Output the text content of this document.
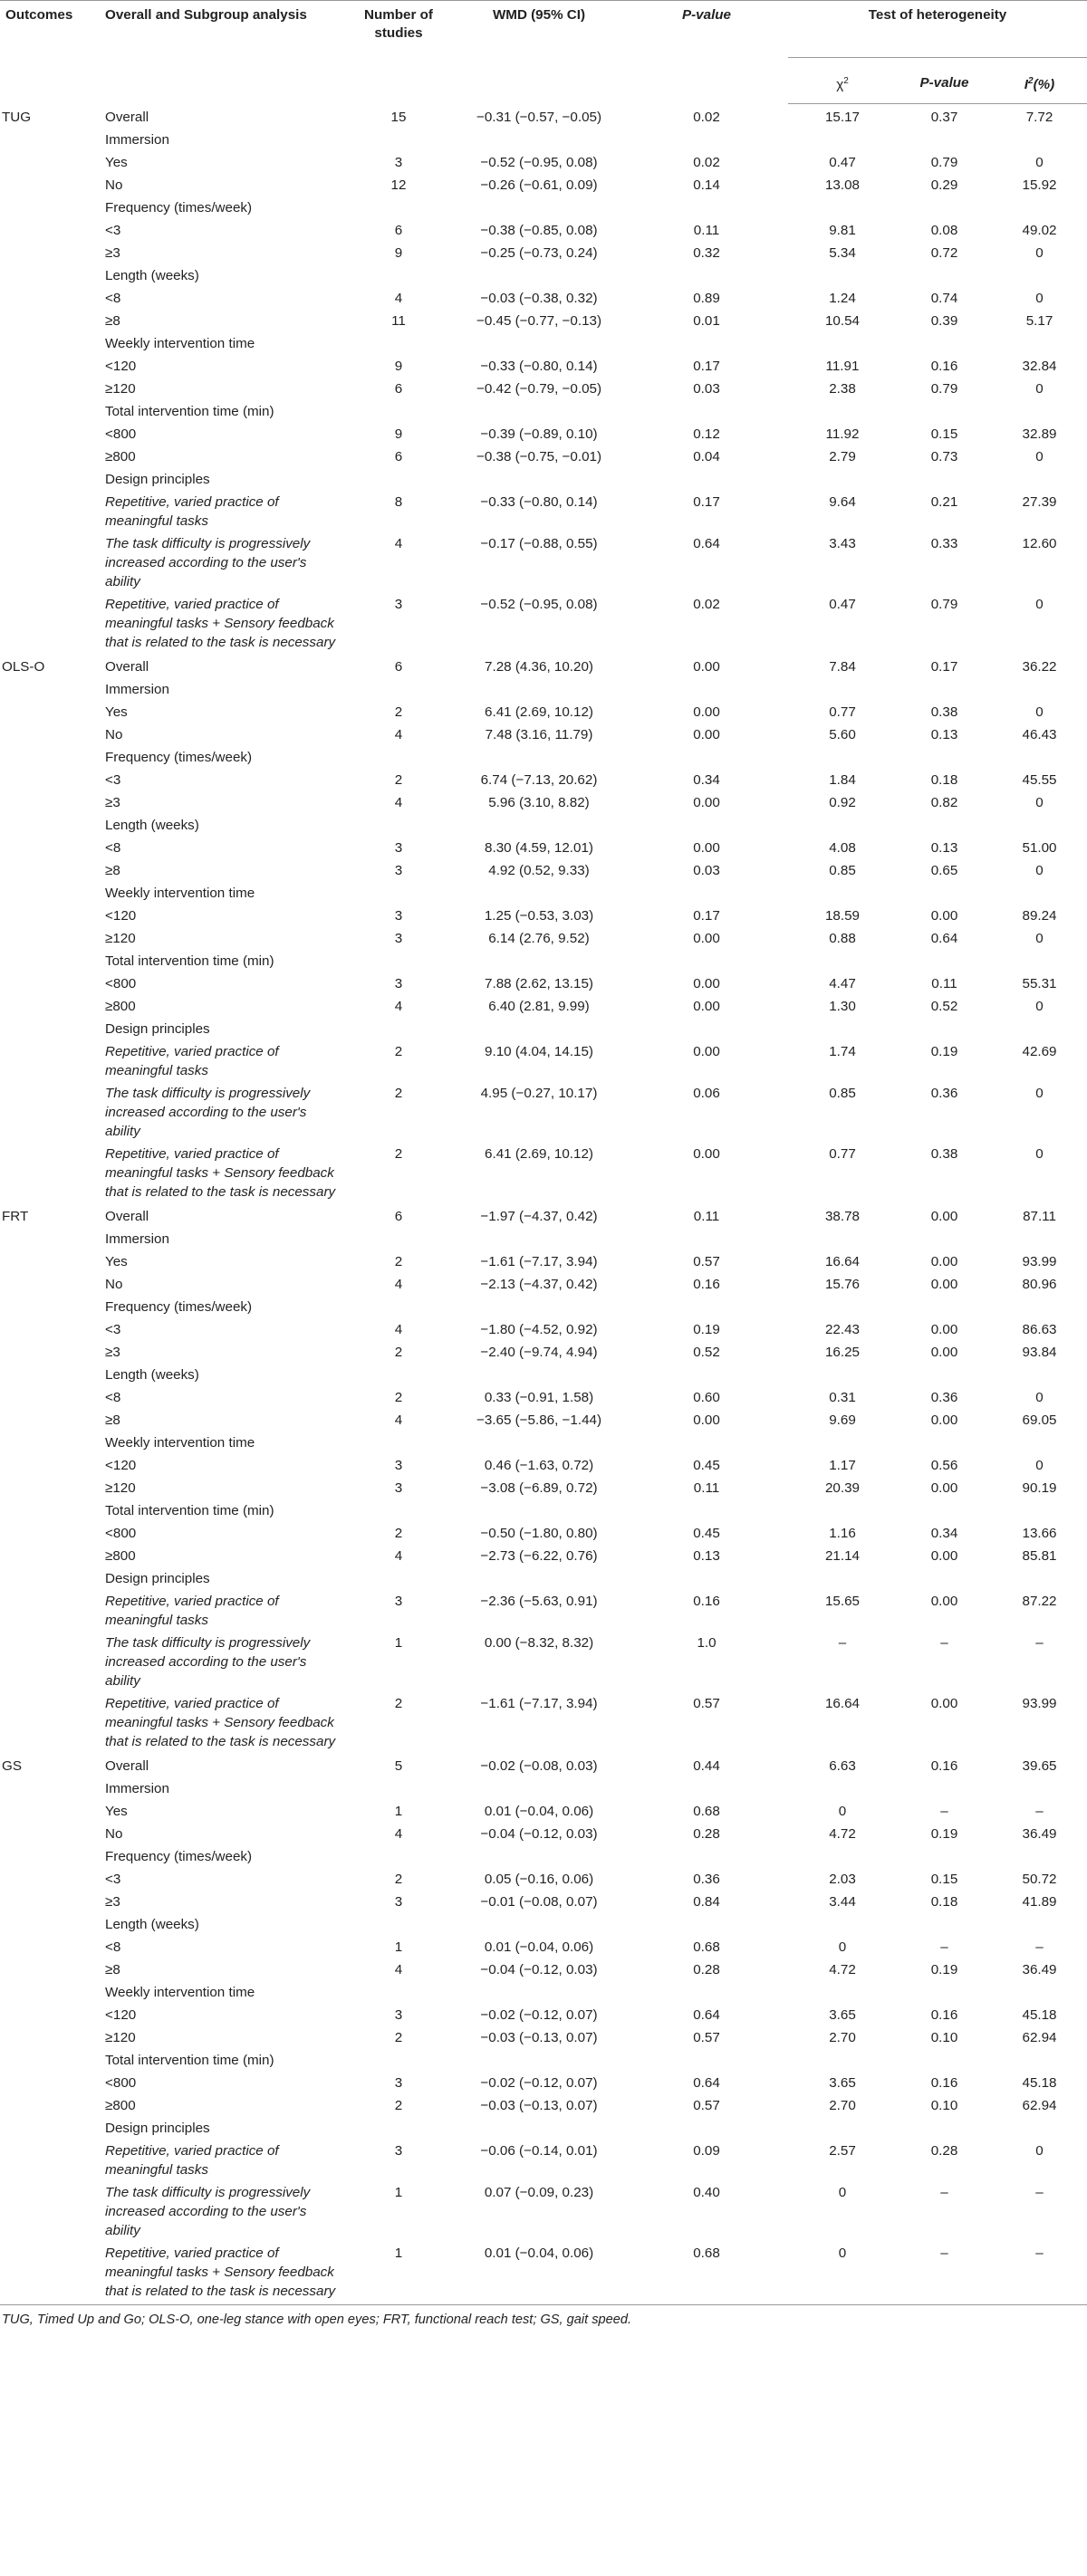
Outcomes	Overall and Subgroup analysis	Number of studies	WMD (95% CI)	P-value	Test of heterogeneity		
					$\chi^2$	P-value	$I^2(\%)$
TUG	Overall	15	−0.31 (−0.57, −0.05)	0.02	15.17	0.37	7.72
	Immersion						
	Yes	3	−0.52 (−0.95, 0.08)	0.02	0.47	0.79	0
	No	12	−0.26 (−0.61, 0.09)	0.14	13.08	0.29	15.92
	Frequency (times/week)						
	<3	6	−0.38 (−0.85, 0.08)	0.11	9.81	0.08	49.02
	≥3	9	−0.25 (−0.73, 0.24)	0.32	5.34	0.72	0
	Length (weeks)						
	<8	4	−0.03 (−0.38, 0.32)	0.89	1.24	0.74	0
	≥8	11	−0.45 (−0.77, −0.13)	0.01	10.54	0.39	5.17
	Weekly intervention time						
	<120	9	−0.33 (−0.80, 0.14)	0.17	11.91	0.16	32.84
	≥120	6	−0.42 (−0.79, −0.05)	0.03	2.38	0.79	0
	Total intervention time (min)						
	<800	9	−0.39 (−0.89, 0.10)	0.12	11.92	0.15	32.89
	≥800	6	−0.38 (−0.75, −0.01)	0.04	2.79	0.73	0
	Design principles						
	Repetitive, varied practice of meaningful tasks	8	−0.33 (−0.80, 0.14)	0.17	9.64	0.21	27.39
	The task difficulty is progressively increased according to the user's ability	4	−0.17 (−0.88, 0.55)	0.64	3.43	0.33	12.60
	Repetitive, varied practice of meaningful tasks + Sensory feedback that is related to the task is necessary	3	−0.52 (−0.95, 0.08)	0.02	0.47	0.79	0
OLS-O	Overall	6	7.28 (4.36, 10.20)	0.00	7.84	0.17	36.22
	Immersion						
	Yes	2	6.41 (2.69, 10.12)	0.00	0.77	0.38	0
	No	4	7.48 (3.16, 11.79)	0.00	5.60	0.13	46.43
	Frequency (times/week)						
	<3	2	6.74 (−7.13, 20.62)	0.34	1.84	0.18	45.55
	≥3	4	5.96 (3.10, 8.82)	0.00	0.92	0.82	0
	Length (weeks)						
	<8	3	8.30 (4.59, 12.01)	0.00	4.08	0.13	51.00
	≥8	3	4.92 (0.52, 9.33)	0.03	0.85	0.65	0
	Weekly intervention time						
	<120	3	1.25 (−0.53, 3.03)	0.17	18.59	0.00	89.24
	≥120	3	6.14 (2.76, 9.52)	0.00	0.88	0.64	0
	Total intervention time (min)						
	<800	3	7.88 (2.62, 13.15)	0.00	4.47	0.11	55.31
	≥800	4	6.40 (2.81, 9.99)	0.00	1.30	0.52	0
	Design principles						
	Repetitive, varied practice of meaningful tasks	2	9.10 (4.04, 14.15)	0.00	1.74	0.19	42.69
	The task difficulty is progressively increased according to the user's ability	2	4.95 (−0.27, 10.17)	0.06	0.85	0.36	0
	Repetitive, varied practice of meaningful tasks + Sensory feedback that is related to the task is necessary	2	6.41 (2.69, 10.12)	0.00	0.77	0.38	0
FRT	Overall	6	−1.97 (−4.37, 0.42)	0.11	38.78	0.00	87.11
	Immersion						
	Yes	2	−1.61 (−7.17, 3.94)	0.57	16.64	0.00	93.99
	No	4	−2.13 (−4.37, 0.42)	0.16	15.76	0.00	80.96
	Frequency (times/week)						
	<3	4	−1.80 (−4.52, 0.92)	0.19	22.43	0.00	86.63
	≥3	2	−2.40 (−9.74, 4.94)	0.52	16.25	0.00	93.84
	Length (weeks)						
	<8	2	0.33 (−0.91, 1.58)	0.60	0.31	0.36	0
	≥8	4	−3.65 (−5.86, −1.44)	0.00	9.69	0.00	69.05
	Weekly intervention time						
	<120	3	0.46 (−1.63, 0.72)	0.45	1.17	0.56	0
	≥120	3	−3.08 (−6.89, 0.72)	0.11	20.39	0.00	90.19
	Total intervention time (min)						
	<800	2	−0.50 (−1.80, 0.80)	0.45	1.16	0.34	13.66
	≥800	4	−2.73 (−6.22, 0.76)	0.13	21.14	0.00	85.81
	Design principles						
	Repetitive, varied practice of meaningful tasks	3	−2.36 (−5.63, 0.91)	0.16	15.65	0.00	87.22
	The task difficulty is progressively increased according to the user's ability	1	0.00 (−8.32, 8.32)	1.0	–	–	–
	Repetitive, varied practice of meaningful tasks + Sensory feedback that is related to the task is necessary	2	−1.61 (−7.17, 3.94)	0.57	16.64	0.00	93.99
GS	Overall	5	−0.02 (−0.08, 0.03)	0.44	6.63	0.16	39.65
	Immersion						
	Yes	1	0.01 (−0.04, 0.06)	0.68	0	–	–
	No	4	−0.04 (−0.12, 0.03)	0.28	4.72	0.19	36.49
	Frequency (times/week)						
	<3	2	0.05 (−0.16, 0.06)	0.36	2.03	0.15	50.72
	≥3	3	−0.01 (−0.08, 0.07)	0.84	3.44	0.18	41.89
	Length (weeks)						
	<8	1	0.01 (−0.04, 0.06)	0.68	0	–	–
	≥8	4	−0.04 (−0.12, 0.03)	0.28	4.72	0.19	36.49
	Weekly intervention time						
	<120	3	−0.02 (−0.12, 0.07)	0.64	3.65	0.16	45.18
	≥120	2	−0.03 (−0.13, 0.07)	0.57	2.70	0.10	62.94
	Total intervention time (min)						
	<800	3	−0.02 (−0.12, 0.07)	0.64	3.65	0.16	45.18
	≥800	2	−0.03 (−0.13, 0.07)	0.57	2.70	0.10	62.94
	Design principles						
	Repetitive, varied practice of meaningful tasks	3	−0.06 (−0.14, 0.01)	0.09	2.57	0.28	0
	The task difficulty is progressively increased according to the user's ability	1	0.07 (−0.09, 0.23)	0.40	0	–	–
	Repetitive, varied practice of meaningful tasks + Sensory feedback that is related to the task is necessary	1	0.01 (−0.04, 0.06)	0.68	0	–	–
TUG, Timed Up and Go; OLS-O, one-leg stance with open eyes; FRT, functional reach test; GS, gait speed.							
